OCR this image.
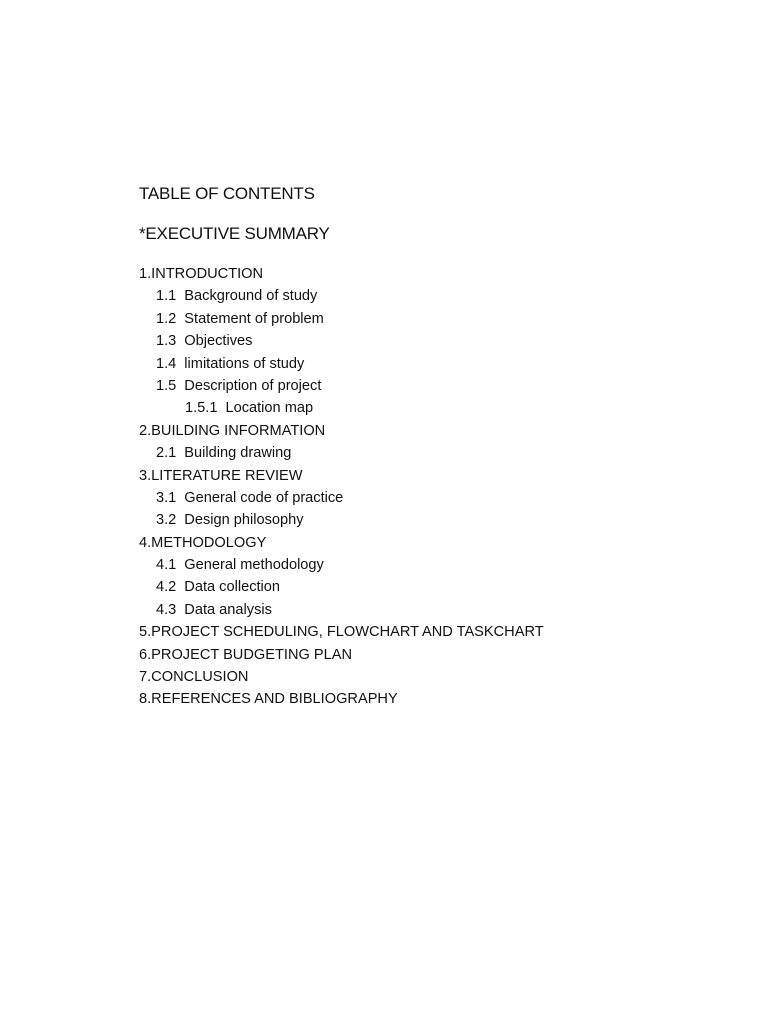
TABLE OF CONTENTS
*EXECUTIVE SUMMARY
1.INTRODUCTION
1.1 Background of study
1.2 Statement of problem
1.3 Objectives
1.4 limitations of study
1.5 Description of project
1.5.1 Location map
2.BUILDING INFORMATION
2.1 Building drawing
3.LITERATURE REVIEW
3.1 General code of practice
3.2 Design philosophy
4.METHODOLOGY
4.1 General methodology
4.2 Data collection
4.3 Data analysis
5.PROJECT SCHEDULING, FLOWCHART AND TASKCHART
6.PROJECT BUDGETING PLAN
7.CONCLUSION
8.REFERENCES AND BIBLIOGRAPHY
